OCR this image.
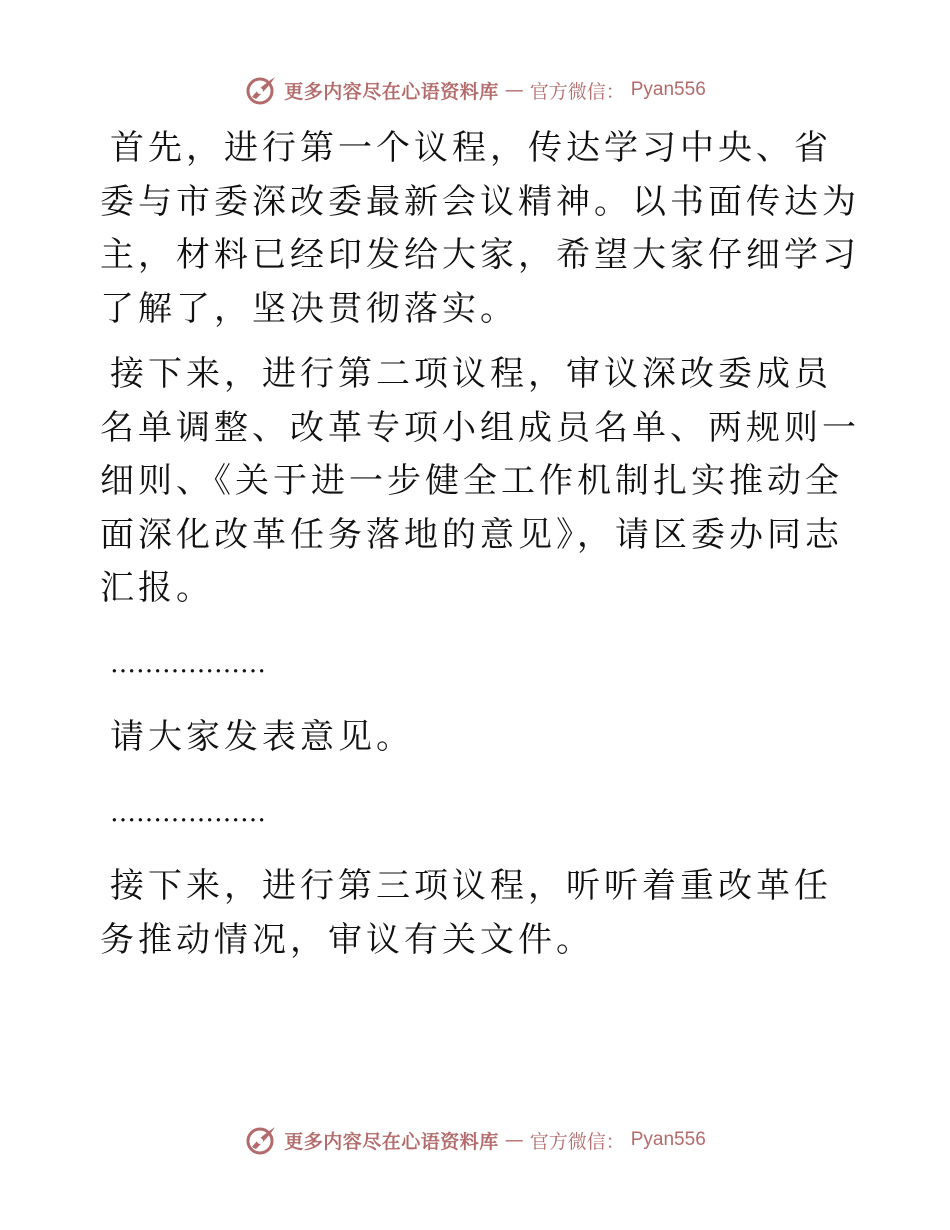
更多内容尽在心语资料库 — 官方微信： Pyan556

首先，进行第一个议程，传达学习中央、省委与市委深改委最新会议精神。以书面传达为主，材料已经印发给大家，希望大家仔细学习了解了，坚决贯彻落实。

接下来，进行第二项议程，审议深改委成员名单调整、改革专项小组成员名单、两规则一细则、《关于进一步健全工作机制扎实推动全面深化改革任务落地的意见》，请区委办同志汇报。

………………

请大家发表意见。

………………

接下来，进行第三项议程，听听着重改革任务推动情况，审议有关文件。

更多内容尽在心语资料库 — 官方微信： Pyan556
